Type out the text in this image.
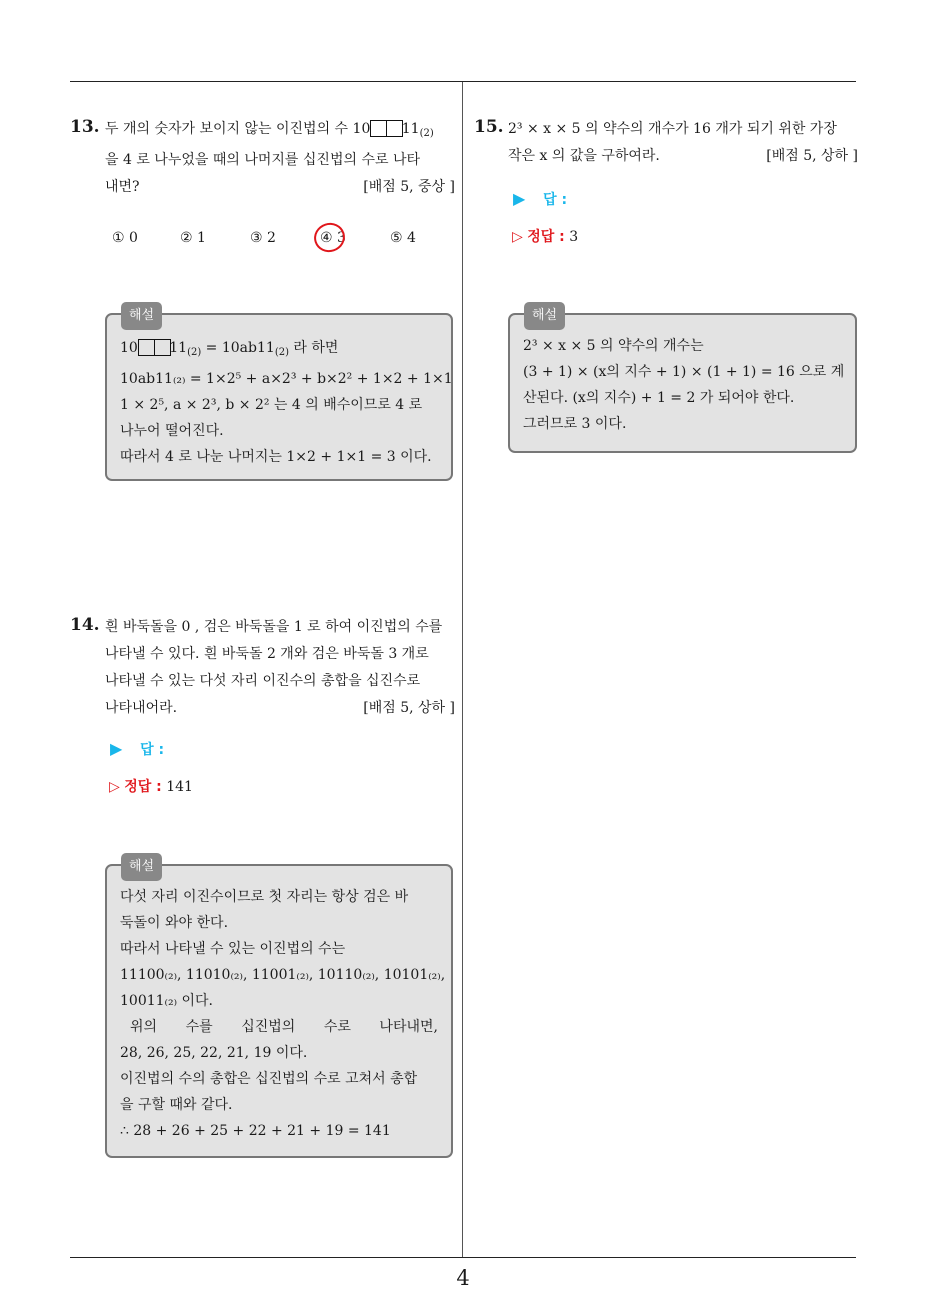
4
13. 두 개의 숫자가 보이지 않는 이진법의 수 10 $11_{(2)}$
을 4 로 나누었을 때의 나머지를 십진법의 수로 나타
내면?	[배점 5, 중상 ]
① 0	② 1	③ 2	④ 3	⑤ 4
해설
10 $11_{(2)} = 10ab11_{(2)}$ 라 하면
10ab11₍₂₎ = 1×2⁵ + a×2³ + b×2² + 1×2 + 1×1
1 × 2⁵, a × 2³, b × 2² 는 4 의 배수이므로 4 로
나누어 떨어진다.
따라서 4 로 나눈 나머지는 1×2 + 1×1 = 3 이다.
14. 흰 바둑돌을 0 , 검은 바둑돌을 1 로 하여 이진법의 수를
나타낼 수 있다. 흰 바둑돌 2 개와 검은 바둑돌 3 개로
나타낼 수 있는 다섯 자리 이진수의 총합을 십진수로
나타내어라.	[배점 5, 상하 ]
▶ 답 :
▷ 정답 : 141
해설
다섯 자리 이진수이므로 첫 자리는 항상 검은 바
둑돌이 와야 한다.
따라서 나타낼 수 있는 이진법의 수는
11100₍₂₎, 11010₍₂₎, 11001₍₂₎, 10110₍₂₎, 10101₍₂₎,
10011₍₂₎ 이다.
위의 수를 십진법의 수로 나타내면,
28, 26, 25, 22, 21, 19 이다.
이진법의 수의 총합은 십진법의 수로 고쳐서 총합
을 구할 때와 같다.
∴ 28 + 26 + 25 + 22 + 21 + 19 = 141
15. 2³ × x × 5 의 약수의 개수가 16 개가 되기 위한 가장
작은 x 의 값을 구하여라.	[배점 5, 상하 ]
▶ 답 :
▷ 정답 : 3
해설
2³ × x × 5 의 약수의 개수는
(3 + 1) × (x의 지수 + 1) × (1 + 1) = 16 으로 계
산된다. (x의 지수) + 1 = 2 가 되어야 한다.
그러므로 3 이다.
